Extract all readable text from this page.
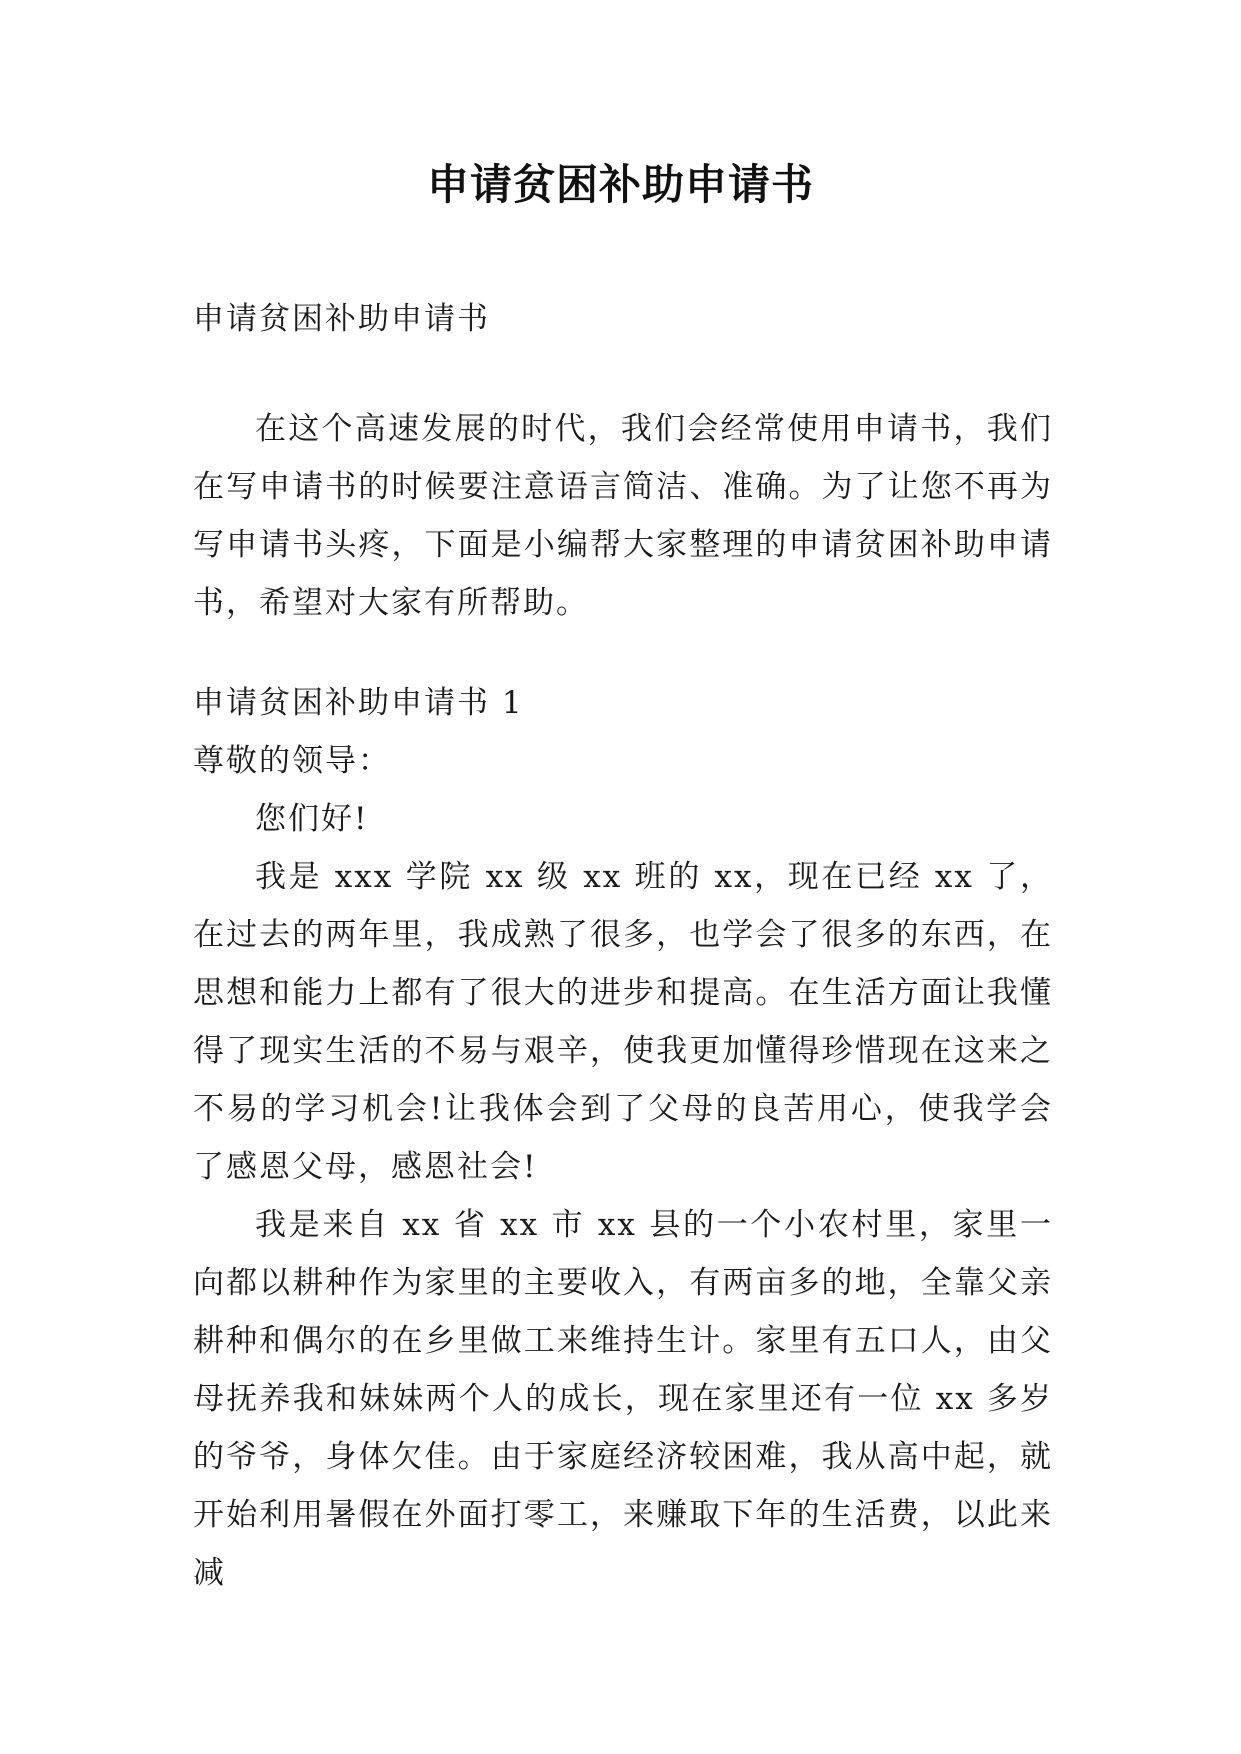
申请贫困补助申请书

申请贫困补助申请书

在这个高速发展的时代，我们会经常使用申请书，我们在写申请书的时候要注意语言简洁、准确。为了让您不再为写申请书头疼，下面是小编帮大家整理的申请贫困补助申请书，希望对大家有所帮助。

申请贫困补助申请书 1

尊敬的领导：

您们好!

我是 xxx 学院 xx 级 xx 班的 xx，现在已经 xx 了，在过去的两年里，我成熟了很多，也学会了很多的东西，在思想和能力上都有了很大的进步和提高。在生活方面让我懂得了现实生活的不易与艰辛，使我更加懂得珍惜现在这来之不易的学习机会!让我体会到了父母的良苦用心，使我学会了感恩父母，感恩社会!

我是来自 xx 省 xx 市 xx 县的一个小农村里，家里一向都以耕种作为家里的主要收入，有两亩多的地，全靠父亲耕种和偶尔的在乡里做工来维持生计。家里有五口人，由父母抚养我和妹妹两个人的成长，现在家里还有一位 xx 多岁的爷爷，身体欠佳。由于家庭经济较困难，我从高中起，就开始利用暑假在外面打零工，来赚取下年的生活费，以此来减
